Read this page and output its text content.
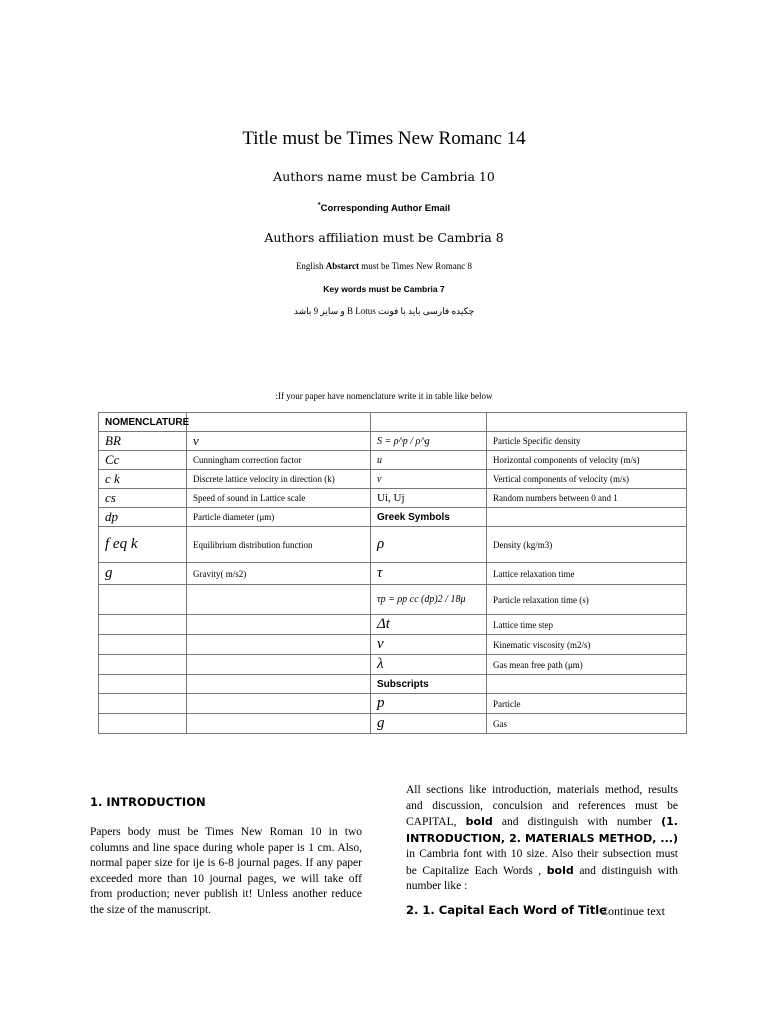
Title must be Times New Romanc 14
Authors name must be Cambria 10
*Corresponding Author Email
Authors affiliation must be Cambria 8
English Abstarct must be Times New Romanc 8
Key words must be Cambria 7
چکیده فارسی باید با فونت B Lotus و سایز 9 باشد
:If your paper have nomenclature write it in table like below
NOMENCLATURE			
BR	ν	S = ρ^p / ρ^g	Particle Specific density
Cc	Cunningham correction factor	u	Horizontal components of velocity (m/s)
c k	Discrete lattice velocity in direction (k)	v	Vertical components of velocity (m/s)
cs	Speed of sound in Lattice scale	Ui, Uj	Random numbers between 0 and 1
dp	Particle diameter (μm)	Greek Symbols	
f eq k	Equilibrium distribution function	ρ	Density (kg/m3)
g	Gravity( m/s2)	τ	Lattice relaxation time
		τp = ρp cc (dp)2 / 18μ	Particle relaxation time (s)
		Δt	Lattice time step
		ν	Kinematic viscosity (m2/s)
		λ	Gas mean free path (μm)
		Subscripts	
		p	Particle
		g	Gas
1. INTRODUCTION
Papers body must be Times New Roman 10 in two columns and line space during whole paper is 1 cm. Also, normal paper size for ije is 6-8 journal pages. If any paper exceeded more than 10 journal pages, we will take off from production; never publish it! Unless another reduce the size of the manuscript.
All sections like introduction, materials method, results and discussion, conculsion and references must be CAPITAL, bold and distinguish with number (1. INTRODUCTION, 2. MATERIALS METHOD, ...) in Cambria font with 10 size. Also their subsection must be Capitalize Each Words , bold and distinguish with number like :
2. 1. Capital Each Word of Title
Continue text
